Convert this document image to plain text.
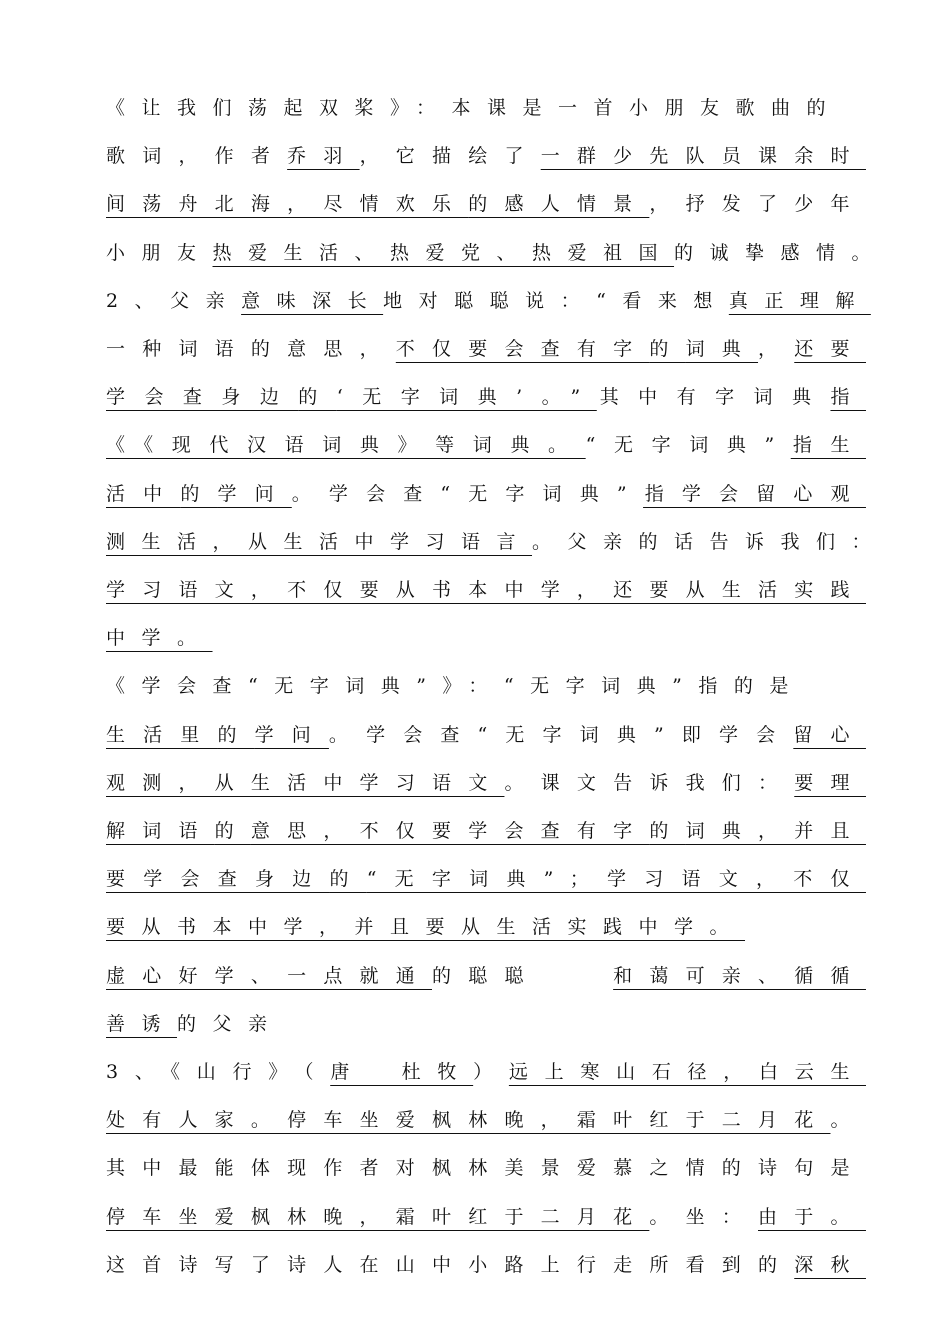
《让我们荡起双桨》：本课是一首小朋友歌曲的
歌词，作者乔羽，它描绘了一群少先队员课余时
间荡舟北海，尽情欢乐的感人情景，抒发了少年
小朋友热爱生活、热爱党、热爱祖国的诚挚感情。
2、父亲意味深长地对聪聪说：“看来想真正理解
一种词语的意思，不仅要会查有字的词典，还要
学会查身边的‘无字词典’。”其中有字词典指
《《现代汉语词典》等词典。“无字词典”指生
活中的学问。学会查“无字词典”指学会留心观
测生活，从生活中学习语言。父亲的话告诉我们：
学习语文，不仅要从书本中学，还要从生活实践
中学。
《学会查“无字词典”》：“无字词典”指的是
生活里的学问。学会查“无字词典”即学会留心
观测，从生活中学习语文。课文告诉我们：要理
解词语的意思，不仅要学会查有字的词典，并且
要学会查身边的“无字词典”；学习语文，不仅
要从书本中学，并且要从生活实践中学。
虚心好学、一点就通的聪聪　　和蔼可亲、循循
善诱的父亲
3、《山行》（唐　杜牧）远上寒山石径，白云生
处有人家。停车坐爱枫林晚，霜叶红于二月花。
其中最能体现作者对枫林美景爱慕之情的诗句是
停车坐爱枫林晚，霜叶红于二月花。坐：由于。
这首诗写了诗人在山中小路上行走所看到的深秋
